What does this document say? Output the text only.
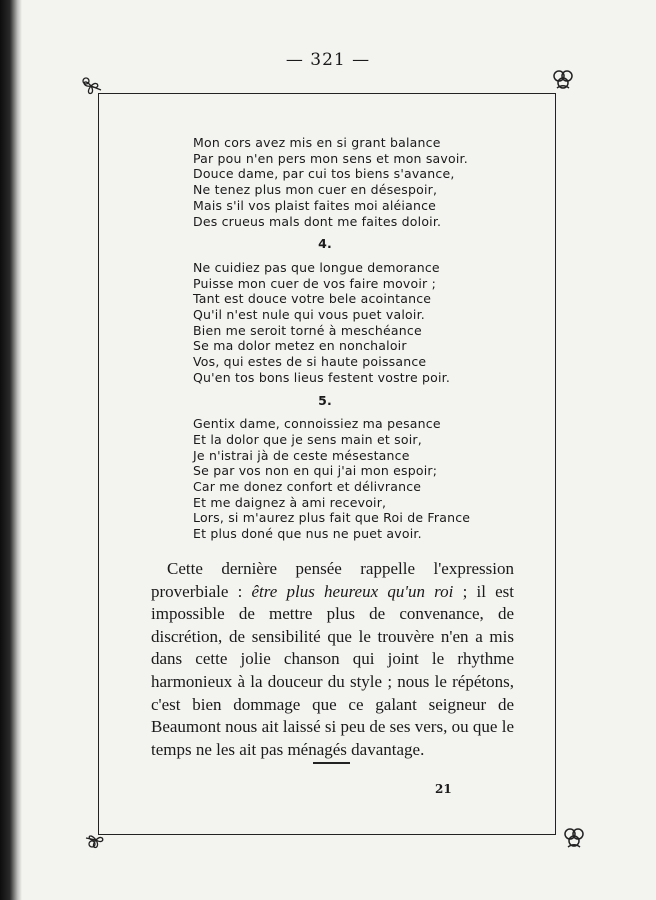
— 321 —
Mon cors avez mis en si grant balance
Par pou n'en pers mon sens et mon savoir.
Douce dame, par cui tos biens s'avance,
Ne tenez plus mon cuer en désespoir,
Mais s'il vos plaist faites moi aléiance
Des crueus mals dont me faites doloir.
4.
Ne cuidiez pas que longue demorance
Puisse mon cuer de vos faire movoir ;
Tant est douce votre bele acointance
Qu'il n'est nule qui vous puet valoir.
Bien me seroit torné à meschéance
Se ma dolor metez en nonchaloir
Vos, qui estes de si haute poissance
Qu'en tos bons lieus festent vostre poir.
5.
Gentix dame, connoissiez ma pesance
Et la dolor que je sens main et soir,
Je n'istrai jà de ceste mésestance
Se par vos non en qui j'ai mon espoir;
Car me donez confort et délivrance
Et me daignez à ami recevoir,
Lors, si m'aurez plus fait que Roi de France
Et plus doné que nus ne puet avoir.

Cette dernière pensée rappelle l'expression proverbiale : être plus heureux qu'un roi ; il est impossible de mettre plus de convenance, de discrétion, de sensibilité que le trouvère n'en a mis dans cette jolie chanson qui joint le rhythme harmonieux à la douceur du style ; nous le répétons, c'est bien dommage que ce galant seigneur de Beaumont nous ait laissé si peu de ses vers, ou que le temps ne les ait pas ménagés davantage.

21
